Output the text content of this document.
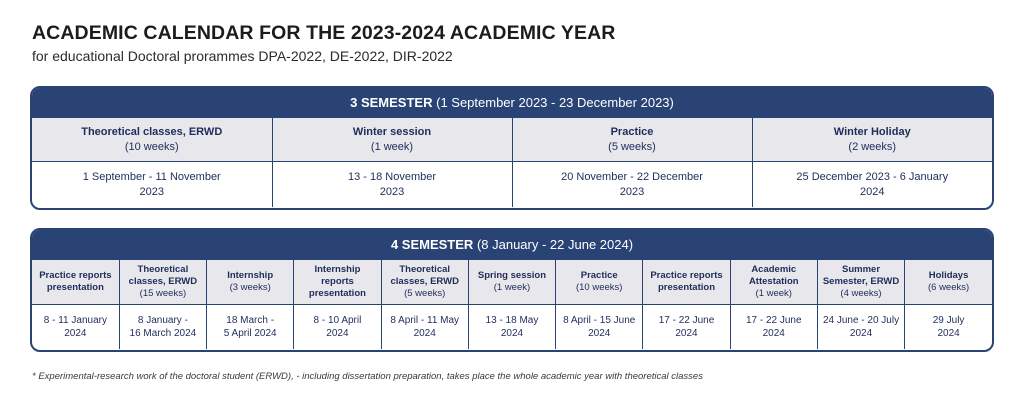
ACADEMIC CALENDAR FOR THE 2023-2024 ACADEMIC YEAR
for educational Doctoral prorammes DPA-2022, DE-2022, DIR-2022
3 SEMESTER (1 September 2023 - 23 December 2023)
Theoretical classes, ERWD
(10 weeks)	Winter session
(1 week)	Practice
(5 weeks)	Winter Holiday
(2 weeks)

1 September - 11 November
2023	13 - 18 November
2023	20 November - 22 December
2023	25 December 2023 - 6 January
2024
4 SEMESTER (8 January - 22 June 2024)
Practice reports presentation	Theoretical classes, ERWD
(15 weeks)	Internship
(3 weeks)	Internship reports presentation	Theoretical classes, ERWD
(5 weeks)	Spring session
(1 week)	Practice
(10 weeks)	Practice reports presentation	Academic Attestation
(1 week)	Summer Semester, ERWD
(4 weeks)	Holidays
(6 weeks)

8 - 11 January
2024	8 January -
16 March 2024	18 March -
5 April 2024	8 - 10 April
2024	8 April - 11 May
2024	13 - 18 May
2024	8 April - 15 June
2024	17 - 22 June
2024	17 - 22 June
2024	24 June - 20 July
2024	29 July
2024
* Experimental-research work of the doctoral student (ERWD), - including dissertation preparation, takes place the whole academic year with theoretical classes
